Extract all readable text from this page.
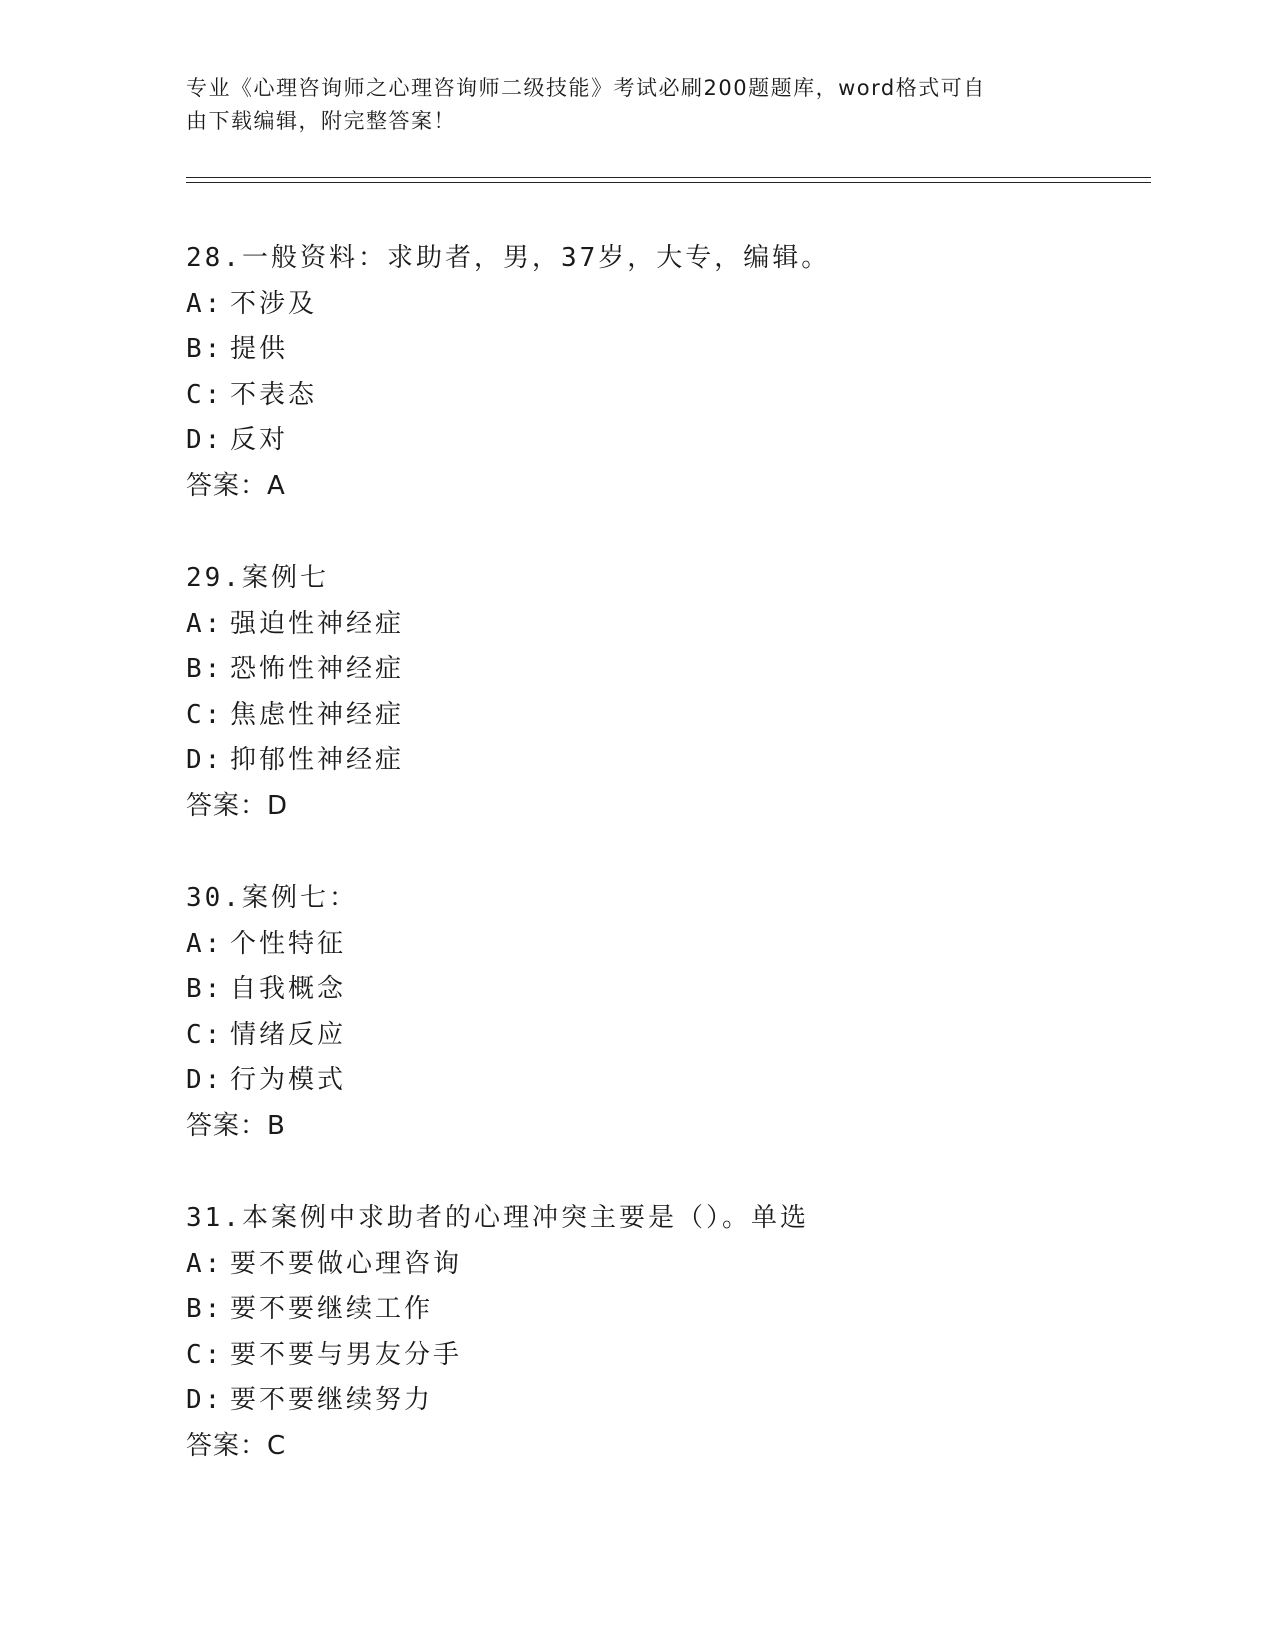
专业《心理咨询师之心理咨询师二级技能》考试必刷200题题库，word格式可自

由下载编辑，附完整答案！

28.一般资料：求助者，男，37岁，大专，编辑。
A: 不涉及
B: 提供
C: 不表态
D: 反对
答案：A
29.案例七
A: 强迫性神经症
B: 恐怖性神经症
C: 焦虑性神经症
D: 抑郁性神经症
答案：D
30.案例七：
A: 个性特征
B: 自我概念
C: 情绪反应
D: 行为模式
答案：B
31.本案例中求助者的心理冲突主要是（）。单选
A: 要不要做心理咨询
B: 要不要继续工作
C: 要不要与男友分手
D: 要不要继续努力
答案：C
